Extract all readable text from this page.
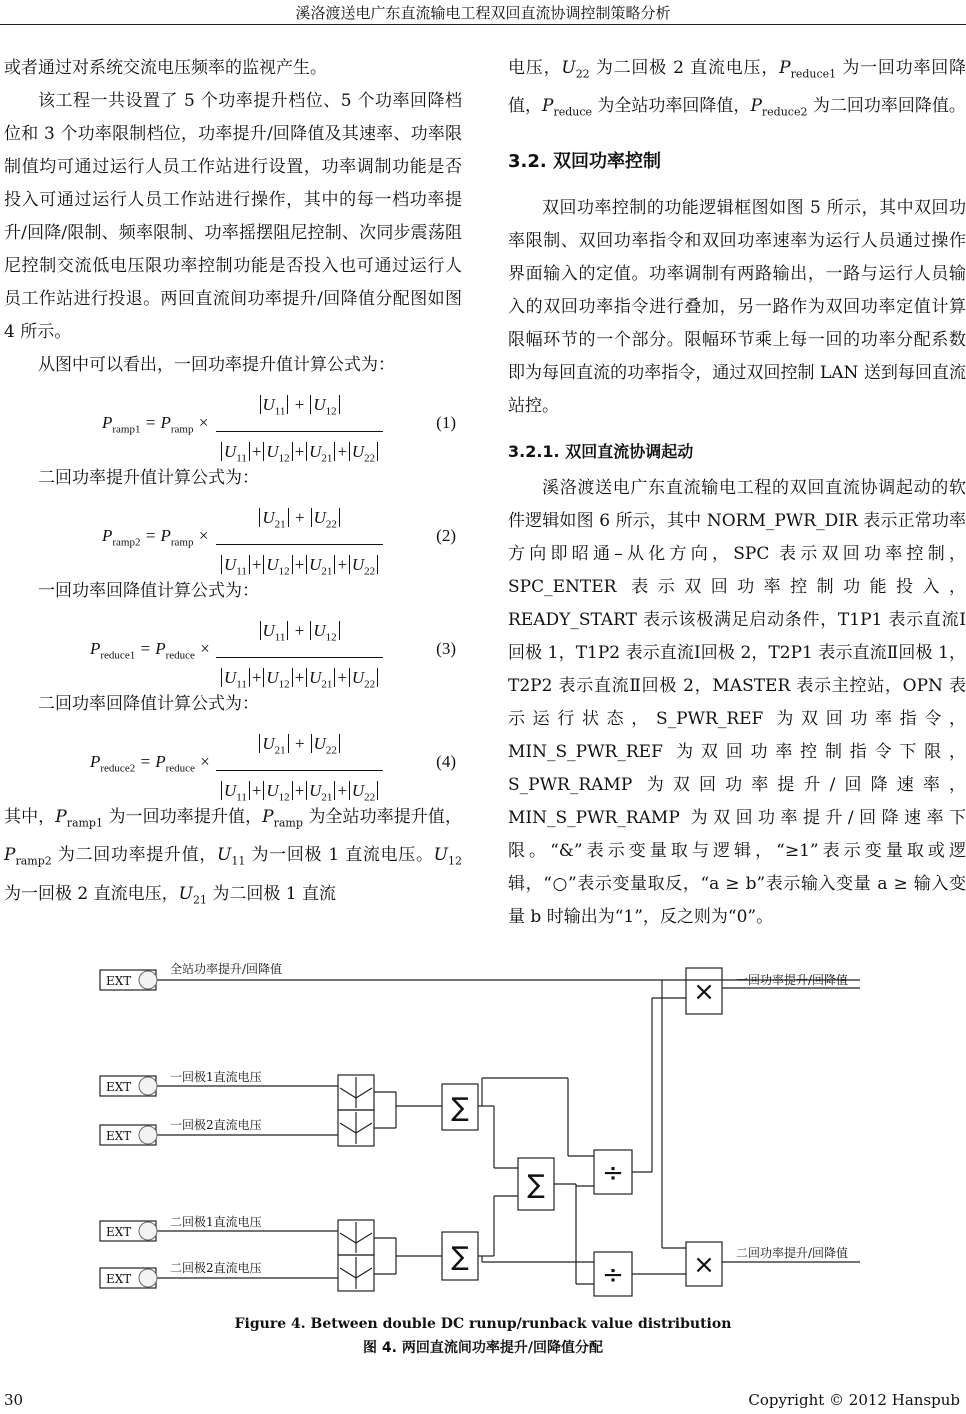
溪洛渡送电广东直流输电工程双回直流协调控制策略分析

或者通过对系统交流电压频率的监视产生。

该工程一共设置了 5 个功率提升档位、5 个功率回降档位和 3 个功率限制档位，功率提升/回降值及其速率、功率限制值均可通过运行人员工作站进行设置，功率调制功能是否投入可通过运行人员工作站进行操作，其中的每一档功率提升/回降/限制、频率限制、功率摇摆阻尼控制、次同步震荡阻尼控制交流低电压限功率控制功能是否投入也可通过运行人员工作站进行投退。两回直流间功率提升/回降值分配图如图 4 所示。

从图中可以看出，一回功率提升值计算公式为：

$P_{ramp1} = P_{ramp} \times \frac{U_{11} + U_{12}}{U_{11} + U_{12} + U_{21} + U_{22}}$	(1)

二回功率提升值计算公式为：

$P_{ramp2} = P_{ramp} \times \frac{U_{21} + U_{22}}{U_{11} + U_{12} + U_{21} + U_{22}}$	(2)

一回功率回降值计算公式为：

$P_{reduce1} = P_{reduce} \times \frac{U_{11} + U_{12}}{U_{11} + U_{12} + U_{21} + U_{22}}$	(3)

二回功率回降值计算公式为：

$P_{reduce2} = P_{reduce} \times \frac{U_{21} + U_{22}}{U_{11} + U_{12} + U_{21} + U_{22}}$	(4)

其中，$P_{ramp1}$ 为一回功率提升值，$P_{ramp}$ 为全站功率提升值，$P_{ramp2}$ 为二回功率提升值，$U_{11}$ 为一回极 1 直流电压。$U_{12}$ 为一回极 2 直流电压，$U_{21}$ 为二回极 1 直流

电压，$U_{22}$ 为二回极 2 直流电压，$P_{reduce1}$ 为一回功率回降值，$P_{reduce}$ 为全站功率回降值，$P_{reduce2}$ 为二回功率回降值。

3.2. 双回功率控制

双回功率控制的功能逻辑框图如图 5 所示，其中双回功率限制、双回功率指令和双回功率速率为运行人员通过操作界面输入的定值。功率调制有两路输出，一路与运行人员输入的双回功率指令进行叠加，另一路作为双回功率定值计算限幅环节的一个部分。限幅环节乘上每一回的功率分配系数即为每回直流的功率指令，通过双回控制 LAN 送到每回直流站控。

3.2.1. 双回直流协调起动

溪洛渡送电广东直流输电工程的双回直流协调起动的软件逻辑如图 6 所示，其中 NORM_PWR_DIR 表示正常功率方向即昭通–从化方向，SPC 表示双回功率控制，SPC_ENTER 表示双回功率控制功能投入，READY_START 表示该极满足启动条件，T1P1 表示直流Ⅰ回极 1，T1P2 表示直流Ⅰ回极 2，T2P1 表示直流Ⅱ回极 1，T2P2 表示直流Ⅱ回极 2，MASTER 表示主控站，OPN 表示运行状态，S_PWR_REF 为双回功率指令，MIN_S_PWR_REF 为双回功率控制指令下限，S_PWR_RAMP 为双回功率提升/回降速率，MIN_S_PWR_RAMP 为双回功率提升/回降速率下限。“&”表示变量取与逻辑，“≥1”表示变量取或逻辑，“○”表示变量取反，“a ≥ b”表示输入变量 a ≥ 输入变量 b 时输出为“1”，反之则为“0”。

EXT
EXT
EXT
EXT
EXT
全站功率提升/回降值
一回极1直流电压
一回极2直流电压
二回极1直流电压
二回极2直流电压
一回功率提升/回降值
二回功率提升/回降值
∑
∑
∑ ÷
÷
×
×
Figure 4. Between double DC runup/runback value distribution
图 4. 两回直流间功率提升/回降值分配
30	Copyright © 2012 Hanspub
